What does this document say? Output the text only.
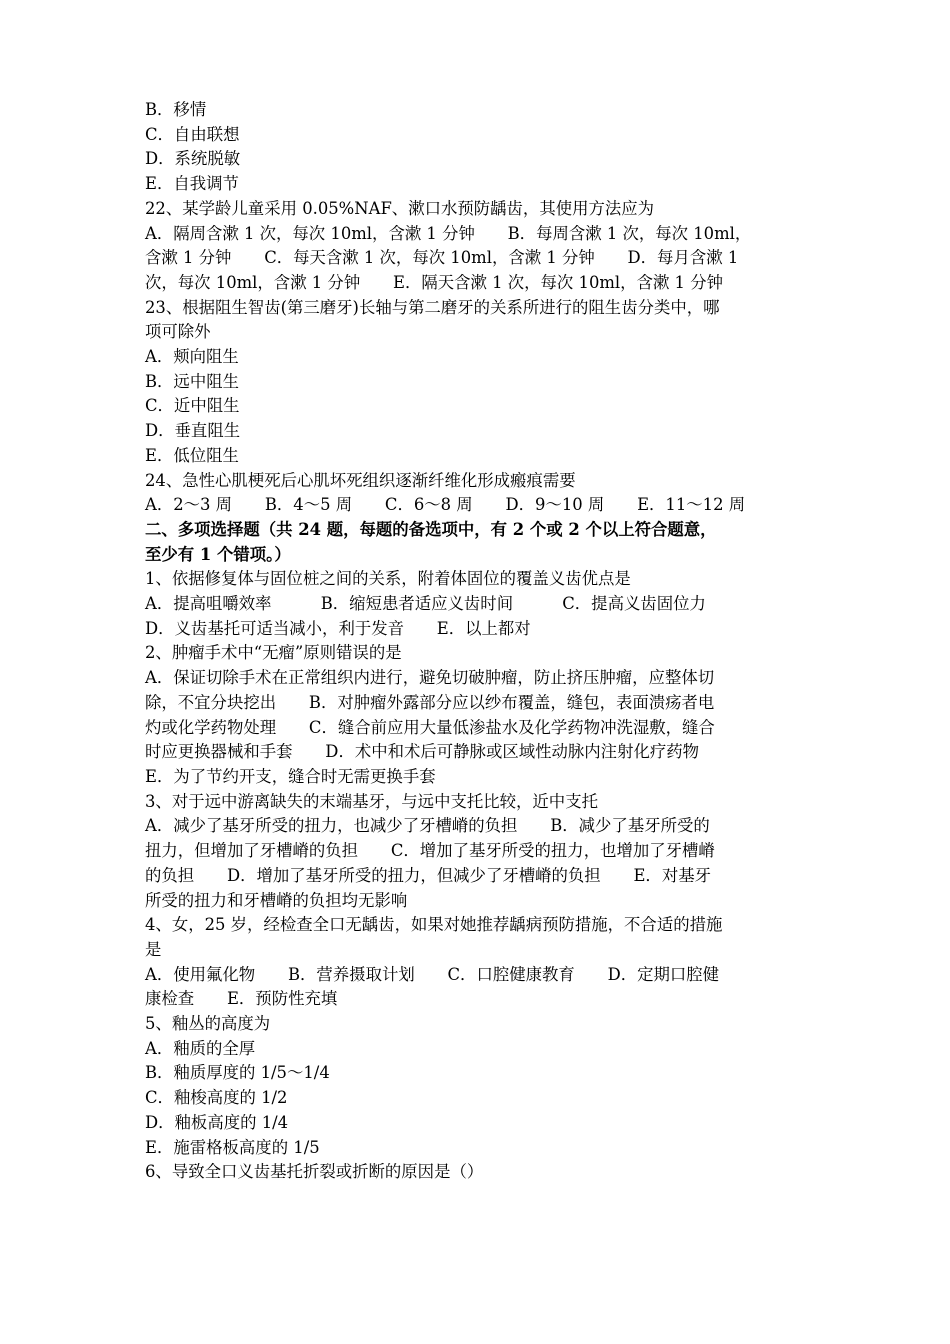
B．移情

C．自由联想

D．系统脱敏

E．自我调节

22、某学龄儿童采用 0.05%NAF、漱口水预防龋齿，其使用方法应为

A．隔周含漱 1 次，每次 10ml，含漱 1 分钟　　B．每周含漱 1 次，每次 10ml，

含漱 1 分钟　　C．每天含漱 1 次，每次 10ml，含漱 1 分钟　　D．每月含漱 1

次，每次 10ml，含漱 1 分钟　　E．隔天含漱 1 次，每次 10ml，含漱 1 分钟

23、根据阻生智齿(第三磨牙)长轴与第二磨牙的关系所进行的阻生齿分类中，哪

项可除外

A．颊向阻生

B．远中阻生

C．近中阻生

D．垂直阻生

E．低位阻生

24、急性心肌梗死后心肌坏死组织逐渐纤维化形成瘢痕需要

A．2～3 周　　B．4～5 周　　C．6～8 周　　D．9～10 周　　E．11～12 周

二、多项选择题（共 24 题，每题的备选项中，有 2 个或 2 个以上符合题意，

至少有 1 个错项。）

1、依据修复体与固位桩之间的关系，附着体固位的覆盖义齿优点是

A．提高咀嚼效率　　　B．缩短患者适应义齿时间　　　C．提高义齿固位力

D．义齿基托可适当减小，利于发音　　E．以上都对

2、肿瘤手术中“无瘤”原则错误的是

A．保证切除手术在正常组织内进行，避免切破肿瘤，防止挤压肿瘤，应整体切

除，不宜分块挖出　　B．对肿瘤外露部分应以纱布覆盖，缝包，表面溃疡者电

灼或化学药物处理　　C．缝合前应用大量低渗盐水及化学药物冲洗湿敷，缝合

时应更换器械和手套　　D．术中和术后可静脉或区域性动脉内注射化疗药物

E．为了节约开支，缝合时无需更换手套

3、对于远中游离缺失的末端基牙，与远中支托比较，近中支托

A．减少了基牙所受的扭力，也减少了牙槽嵴的负担　　B．减少了基牙所受的

扭力，但增加了牙槽嵴的负担　　C．增加了基牙所受的扭力，也增加了牙槽嵴

的负担　　D．增加了基牙所受的扭力，但减少了牙槽嵴的负担　　E．对基牙

所受的扭力和牙槽嵴的负担均无影响

4、女，25 岁，经检查全口无龋齿，如果对她推荐龋病预防措施，不合适的措施

是

A．使用氟化物　　B．营养摄取计划　　C．口腔健康教育　　D．定期口腔健

康检查　　E．预防性充填

5、釉丛的高度为

A．釉质的全厚

B．釉质厚度的 1/5～1/4

C．釉梭高度的 1/2

D．釉板高度的 1/4

E．施雷格板高度的 1/5

6、导致全口义齿基托折裂或折断的原因是（）
